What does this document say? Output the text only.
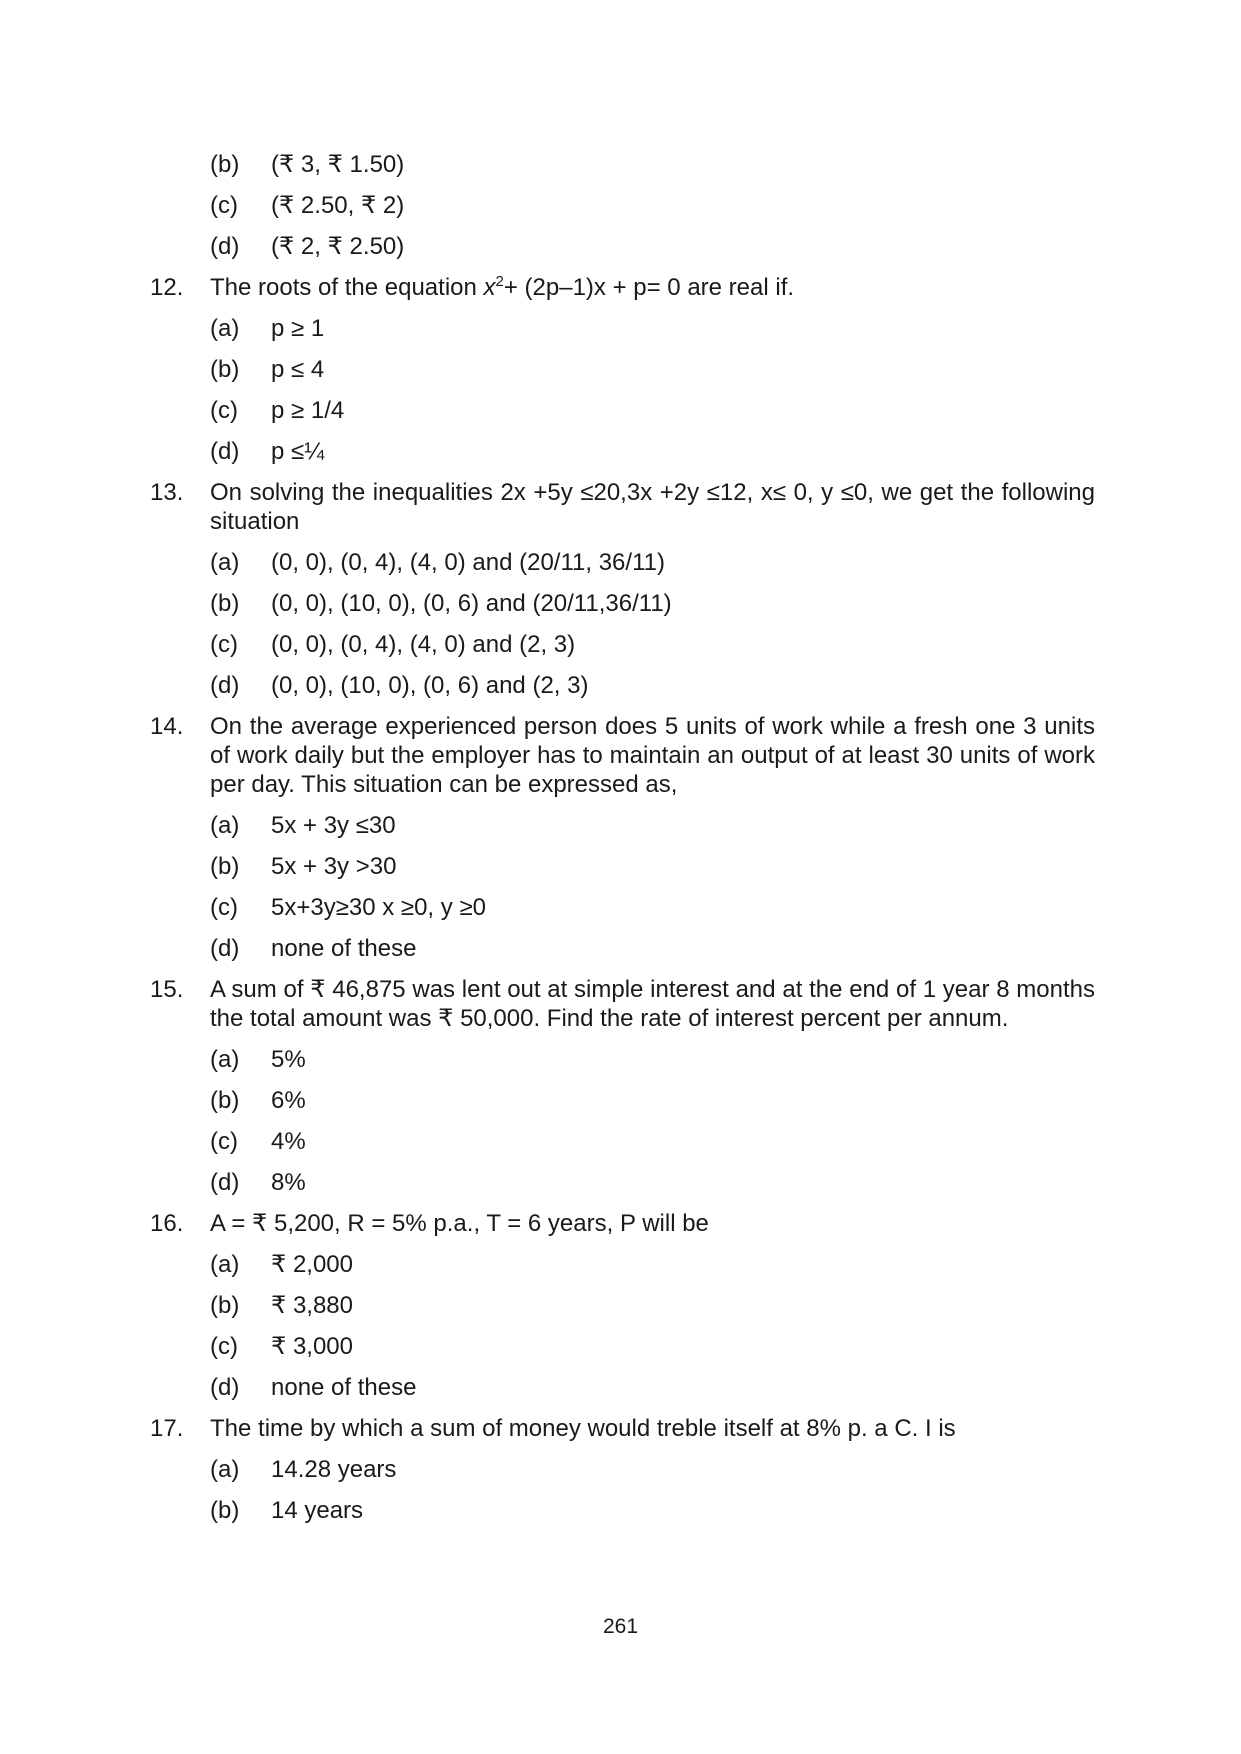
(b)	(₹ 3, ₹ 1.50)
(c)	(₹ 2.50, ₹ 2)
(d)	(₹ 2, ₹ 2.50)
12.	The roots of the equation $x^2+ (2p-1)x + p= 0$ are real if.
(a)	p ≥ 1
(b)	p ≤ 4
(c)	p ≥ 1/4
(d)	p ≤¼
13.	On solving the inequalities 2x +5y ≤20,3x +2y ≤12, x≤ 0, y ≤0, we get the following situation
(a)	(0, 0), (0, 4), (4, 0) and (20/11, 36/11)
(b)	(0, 0), (10, 0), (0, 6) and (20/11,36/11)
(c)	(0, 0), (0, 4), (4, 0) and (2, 3)
(d)	(0, 0), (10, 0), (0, 6) and (2, 3)
14.	On the average experienced person does 5 units of work while a fresh one 3 units of work daily but the employer has to maintain an output of at least 30 units of work per day. This situation can be expressed as,
(a)	5x + 3y ≤30
(b)	5x + 3y >30
(c)	5x+3y≥30 x ≥0, y ≥0
(d)	none of these
15.	A sum of ₹ 46,875 was lent out at simple interest and at the end of 1 year 8 months the total amount was ₹ 50,000. Find the rate of interest percent per annum.
(a)	5%
(b)	6%
(c)	4%
(d)	8%
16.	A = ₹ 5,200, R = 5% p.a., T = 6 years, P will be
(a)	₹ 2,000
(b)	₹ 3,880
(c)	₹ 3,000
(d)	none of these
17.	The time by which a sum of money would treble itself at 8% p. a C. I is
(a)	14.28 years
(b)	14 years
261
